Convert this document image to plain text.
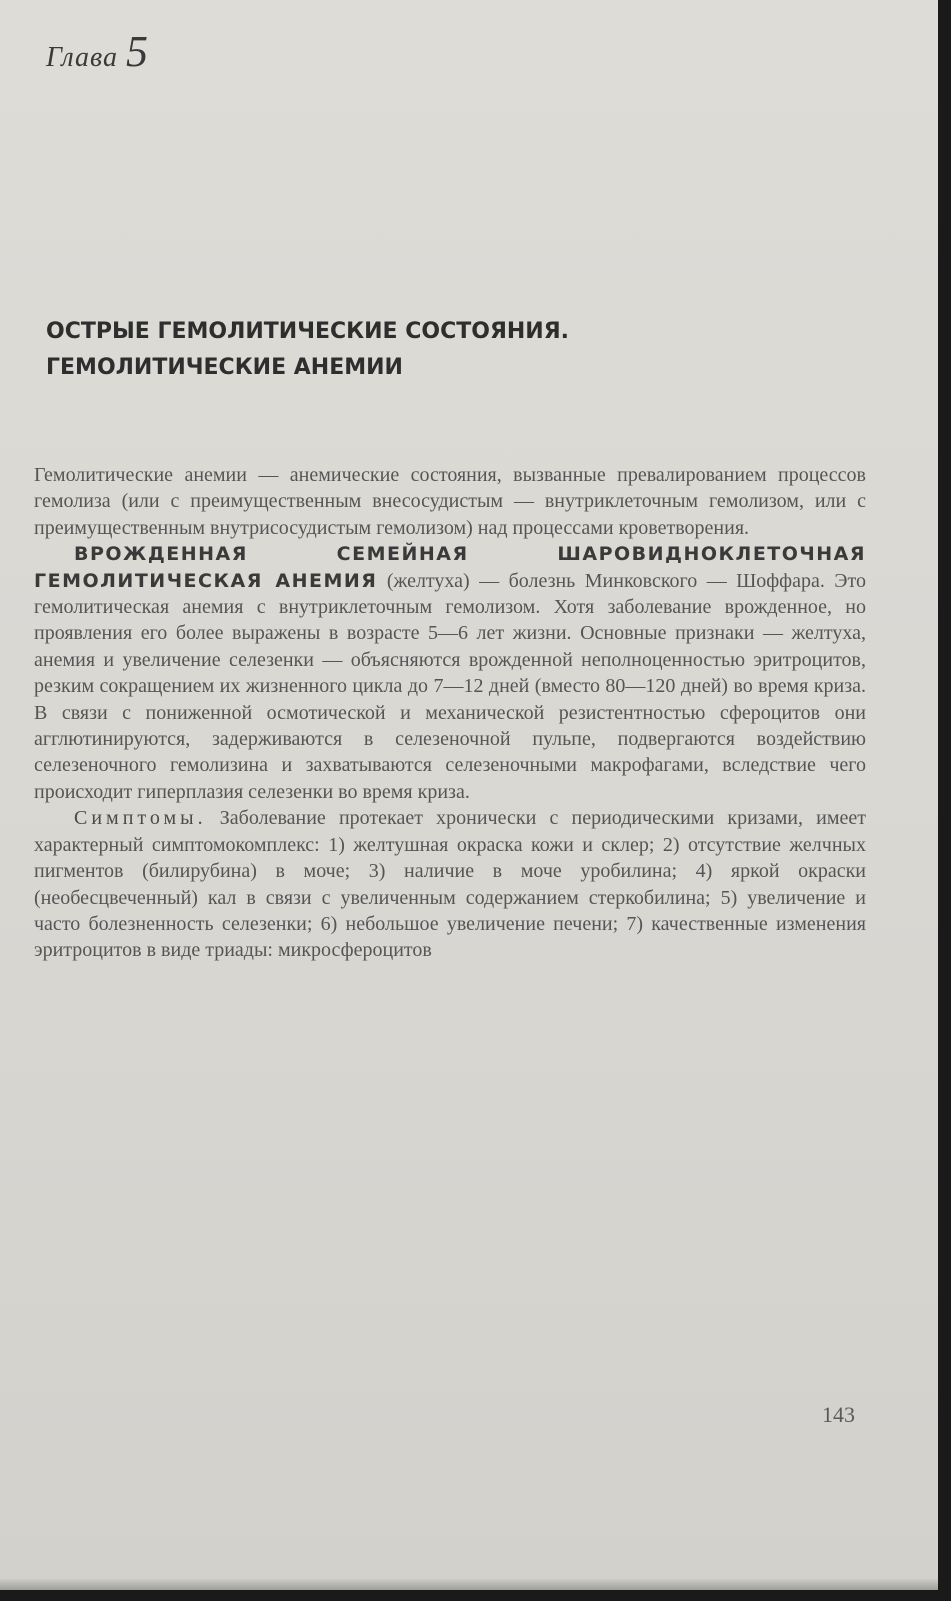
Глава 5
ОСТРЫЕ ГЕМОЛИТИЧЕСКИЕ СОСТОЯНИЯ.
ГЕМОЛИТИЧЕСКИЕ АНЕМИИ

Гемолитические анемии — анемические состояния, вызванные превалированием процессов гемолиза (или с преимущественным внесосудистым — внутриклеточным гемолизом, или с преимущественным внутрисосудистым гемолизом) над процессами кроветворения.

ВРОЖДЕННАЯ СЕМЕЙНАЯ ШАРОВИДНОКЛЕТОЧНАЯ ГЕМОЛИТИЧЕСКАЯ АНЕМИЯ (желтуха) — болезнь Минковского — Шоффара. Это гемолитическая анемия с внутриклеточным гемолизом. Хотя заболевание врожденное, но проявления его более выражены в возрасте 5—6 лет жизни. Основные признаки — желтуха, анемия и увеличение селезенки — объясняются врожденной неполноценностью эритроцитов, резким сокращением их жизненного цикла до 7—12 дней (вместо 80—120 дней) во время криза. В связи с пониженной осмотической и механической резистентностью сфероцитов они агглютинируются, задерживаются в селезеночной пульпе, подвергаются воздействию селезеночного гемолизина и захватываются селезеночными макрофагами, вследствие чего происходит гиперплазия селезенки во время криза.

Симптомы. Заболевание протекает хронически с периодическими кризами, имеет характерный симптомокомплекс: 1) желтушная окраска кожи и склер; 2) отсутствие желчных пигментов (билирубина) в моче; 3) наличие в моче уробилина; 4) яркой окраски (необесцвеченный) кал в связи с увеличенным содержанием стеркобилина; 5) увеличение и часто болезненность селезенки; 6) небольшое увеличение печени; 7) качественные изменения эритроцитов в виде триады: микросфероцитов

143
